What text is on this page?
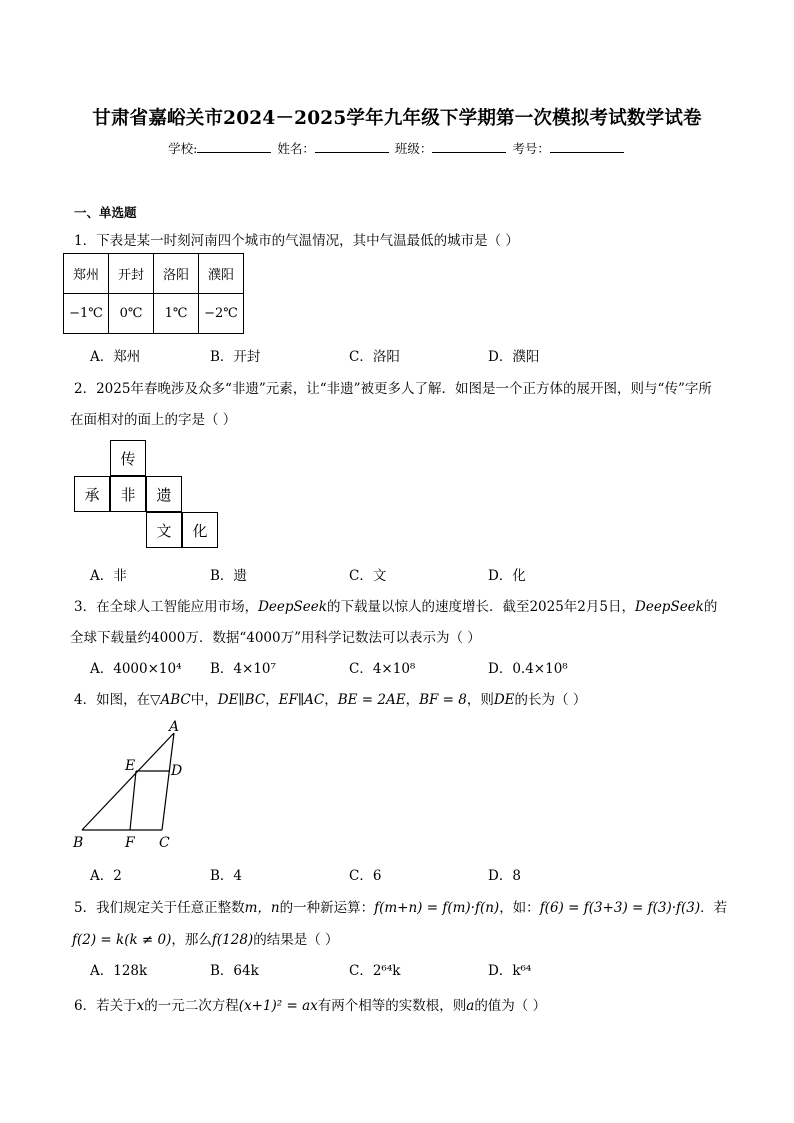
甘肃省嘉峪关市2024－2025学年九年级下学期第一次模拟考试数学试卷
学校:	姓名：	班级：	考号：
一、单选题
1．下表是某一时刻河南四个城市的气温情况，其中气温最低的城市是（ ）
郑州	开封	洛阳	濮阳
−1℃	0℃	1℃	−2℃
A．郑州	B．开封	C．洛阳	D．濮阳
2．2025年春晚涉及众多“非遗”元素，让“非遗”被更多人了解．如图是一个正方体的展开图，则与“传”字所
在面相对的面上的字是（ ）
传
承	非	遗
文	化
A．非	B．遗	C．文	D．化
3．在全球人工智能应用市场，DeepSeek的下载量以惊人的速度增长．截至2025年2月5日，DeepSeek的
全球下载量约4000万．数据“4000万”用科学记数法可以表示为（ ）
A．4000×10⁴ B．4×10⁷	C．4×10⁸	D．0.4×10⁸
4．如图，在▽ABC中，DE∥BC，EF∥AC，BE = 2AE，BF = 8，则DE的长为（ ）
A
E	D
B	F C
A．2	B．4	C．6	D．8
5．我们规定关于任意正整数m，n的一种新运算：f(m+n) = f(m)·f(n)，如：f(6) = f(3+3) = f(3)·f(3)．若
f(2) = k(k ≠ 0)，那么f(128)的结果是（ ）
A．128k	B．64k	C．2⁶⁴k	D．k⁶⁴
6．若关于x的一元二次方程(x+1)² = ax有两个相等的实数根，则a的值为（ ）
